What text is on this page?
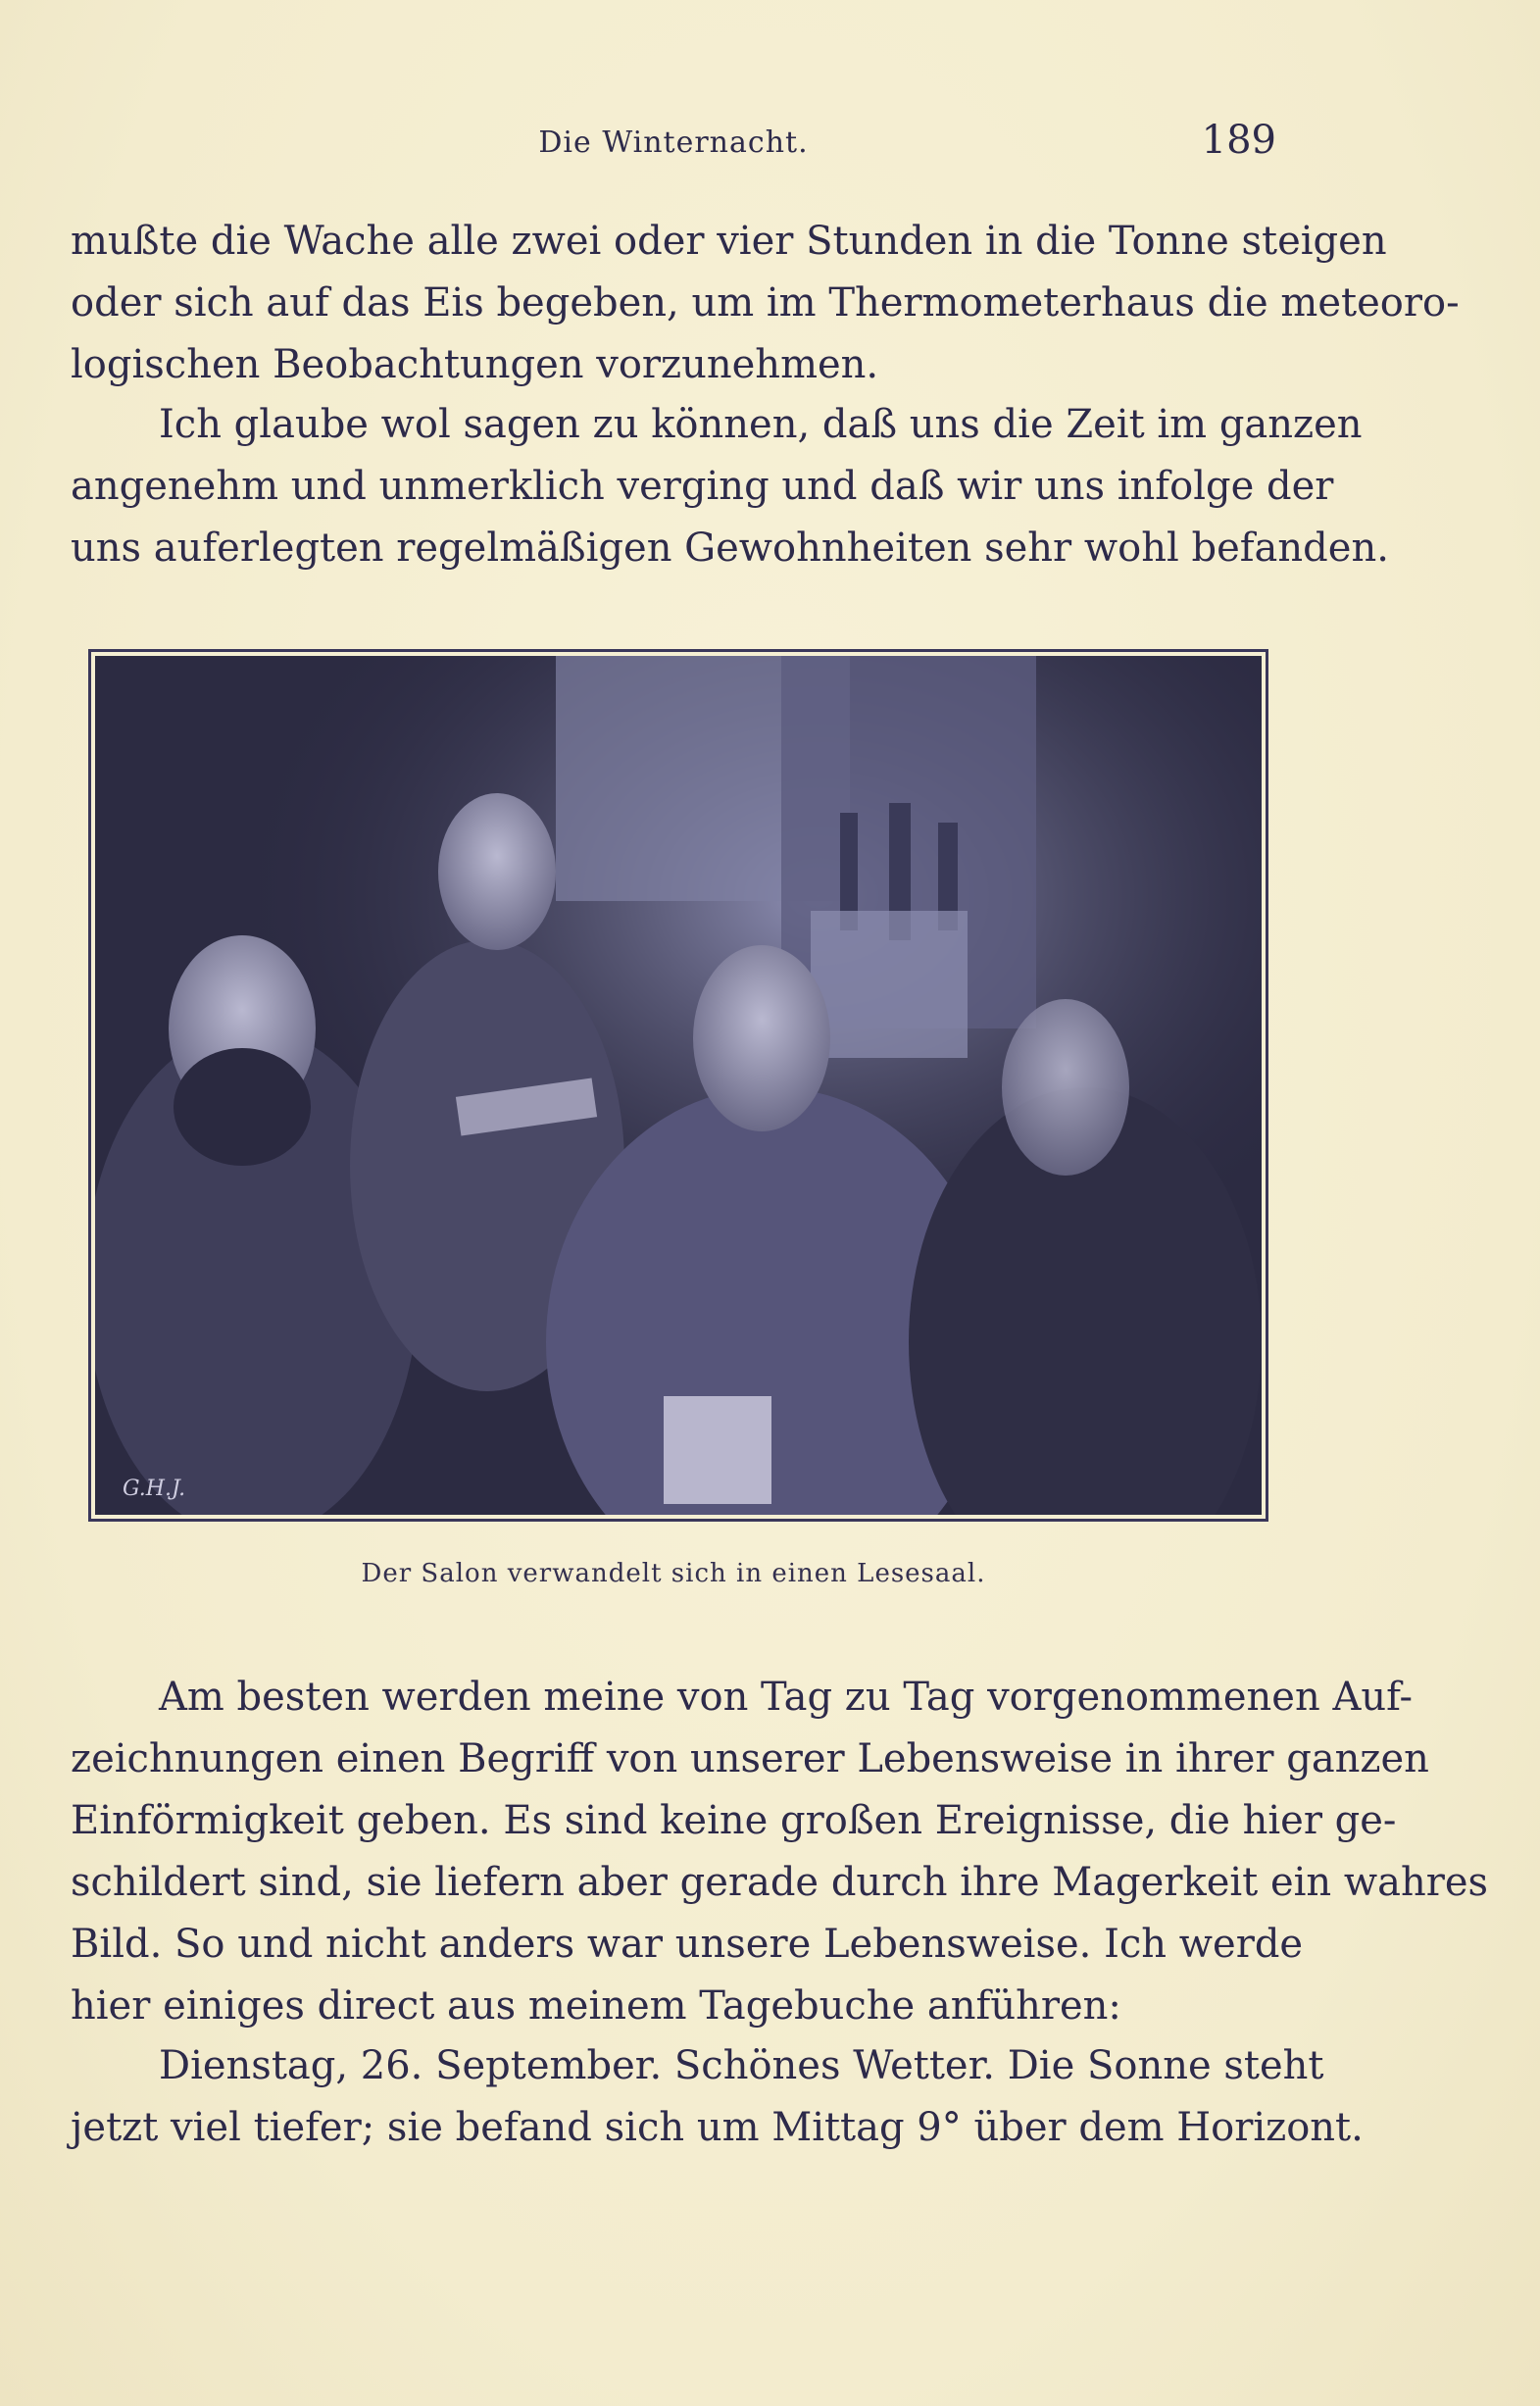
Die Winternacht.	189

mußte die Wache alle zwei oder vier Stunden in die Tonne steigen
oder sich auf das Eis begeben, um im Thermometerhaus die meteoro-
logischen Beobachtungen vorzunehmen.

Ich glaube wol sagen zu können, daß uns die Zeit im ganzen
angenehm und unmerklich verging und daß wir uns infolge der
uns auferlegten regelmäßigen Gewohnheiten sehr wohl befanden.

G.H.J.
Der Salon verwandelt sich in einen Lesesaal.

Am besten werden meine von Tag zu Tag vorgenommenen Auf-
zeichnungen einen Begriff von unserer Lebensweise in ihrer ganzen
Einförmigkeit geben. Es sind keine großen Ereignisse, die hier ge-
schildert sind, sie liefern aber gerade durch ihre Magerkeit ein wahres
Bild. So und nicht anders war unsere Lebensweise. Ich werde
hier einiges direct aus meinem Tagebuche anführen:

Dienstag, 26. September. Schönes Wetter. Die Sonne steht
jetzt viel tiefer; sie befand sich um Mittag 9° über dem Horizont.
